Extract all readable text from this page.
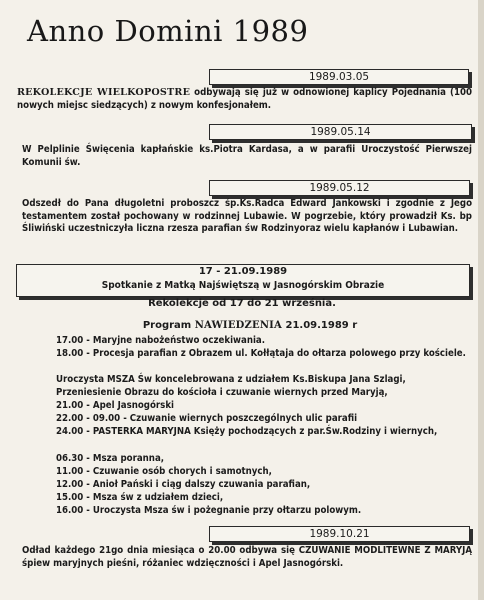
Anno Domini 1989
1989.03.05

REKOLEKCJE WIELKOPOSTRE odbywają się już w odnowionej kaplicy Pojednania (100 nowych miejsc siedzących) z nowym konfesjonałem.

1989.05.14

W Pelplinie Święcenia kapłańskie ks.Piotra Kardasa, a w parafii Uroczystość Pierwszej Komunii św.

1989.05.12

Odszedł do Pana długoletni proboszcz śp.Ks.Radca Edward Jankowski i zgodnie z Jego testamentem został pochowany w rodzinnej Lubawie. W pogrzebie, który prowadził Ks. bp Śliwiński uczestniczyła liczna rzesza parafian św Rodzinyoraz wielu kapłanów i Lubawian.

17 - 21.09.1989
Spotkanie z Matką Najświętszą w Jasnogórskim Obrazie
Rekolekcje od 17 do 21 września.
Program NAWIEDZENIA 21.09.1989 r
17.00 - Maryjne nabożeństwo oczekiwania.
18.00 - Procesja parafian z Obrazem ul. Kołłątaja do ołtarza polowego przy kościele.
Uroczysta MSZA Św koncelebrowana z udziałem Ks.Biskupa Jana Szlagi,
Przeniesienie Obrazu do kościoła i czuwanie wiernych przed Maryją,
21.00 - Apel Jasnogórski
22.00 - 09.00 - Czuwanie wiernych poszczególnych ulic parafii
24.00 - PASTERKA MARYJNA Księży pochodzących z par.Św.Rodziny i wiernych,
06.30 - Msza poranna,
11.00 - Czuwanie osób chorych i samotnych,
12.00 - Anioł Pański i ciąg dalszy czuwania parafian,
15.00 - Msza św z udziałem dzieci,
16.00 - Uroczysta Msza św i pożegnanie przy ołtarzu polowym.
1989.10.21

Odład każdego 21go dnia miesiąca o 20.00 odbywa się CZUWANIE MODLITEWNE Z MARYJĄ śpiew maryjnych pieśni, różaniec wdzięczności i Apel Jasnogórski.
